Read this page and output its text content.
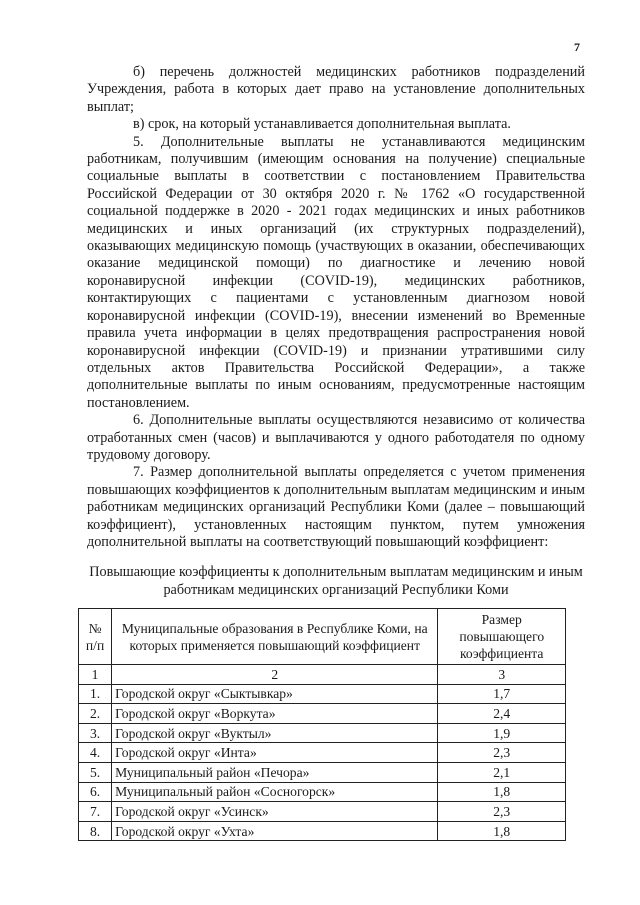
7

б) перечень должностей медицинских работников подразделений Учреждения, работа в которых дает право на установление дополнительных выплат;

в) срок, на который устанавливается дополнительная выплата.

5. Дополнительные выплаты не устанавливаются медицинским работникам, получившим (имеющим основания на получение) специальные социальные выплаты в соответствии с постановлением Правительства Российской Федерации от 30 октября 2020 г. № 1762 «О государственной социальной поддержке в 2020 - 2021 годах медицинских и иных работников медицинских и иных организаций (их структурных подразделений), оказывающих медицинскую помощь (участвующих в оказании, обеспечивающих оказание медицинской помощи) по диагностике и лечению новой коронавирусной инфекции (COVID-19), медицинских работников, контактирующих с пациентами с установленным диагнозом новой коронавирусной инфекции (COVID-19), внесении изменений во Временные правила учета информации в целях предотвращения распространения новой коронавирусной инфекции (COVID-19) и признании утратившими силу отдельных актов Правительства Российской Федерации», а также дополнительные выплаты по иным основаниям, предусмотренные настоящим постановлением.

6. Дополнительные выплаты осуществляются независимо от количества отработанных смен (часов) и выплачиваются у одного работодателя по одному трудовому договору.

7. Размер дополнительной выплаты определяется с учетом применения повышающих коэффициентов к дополнительным выплатам медицинским и иным работникам медицинских организаций Республики Коми (далее – повышающий коэффициент), установленных настоящим пунктом, путем умножения дополнительной выплаты на соответствующий повышающий коэффициент:

Повышающие коэффициенты к дополнительным выплатам медицинским и иным работникам медицинских организаций Республики Коми
№ п/п	Муниципальные образования в Республике Коми, на которых применяется повышающий коэффициент	Размер повышающего коэффициента
1	2	3
1.	Городской округ «Сыктывкар»	1,7
2.	Городской округ «Воркута»	2,4
3.	Городской округ «Вуктыл»	1,9
4.	Городской округ «Инта»	2,3
5.	Муниципальный район «Печора»	2,1
6.	Муниципальный район «Сосногорск»	1,8
7.	Городской округ «Усинск»	2,3
8.	Городской округ «Ухта»	1,8
